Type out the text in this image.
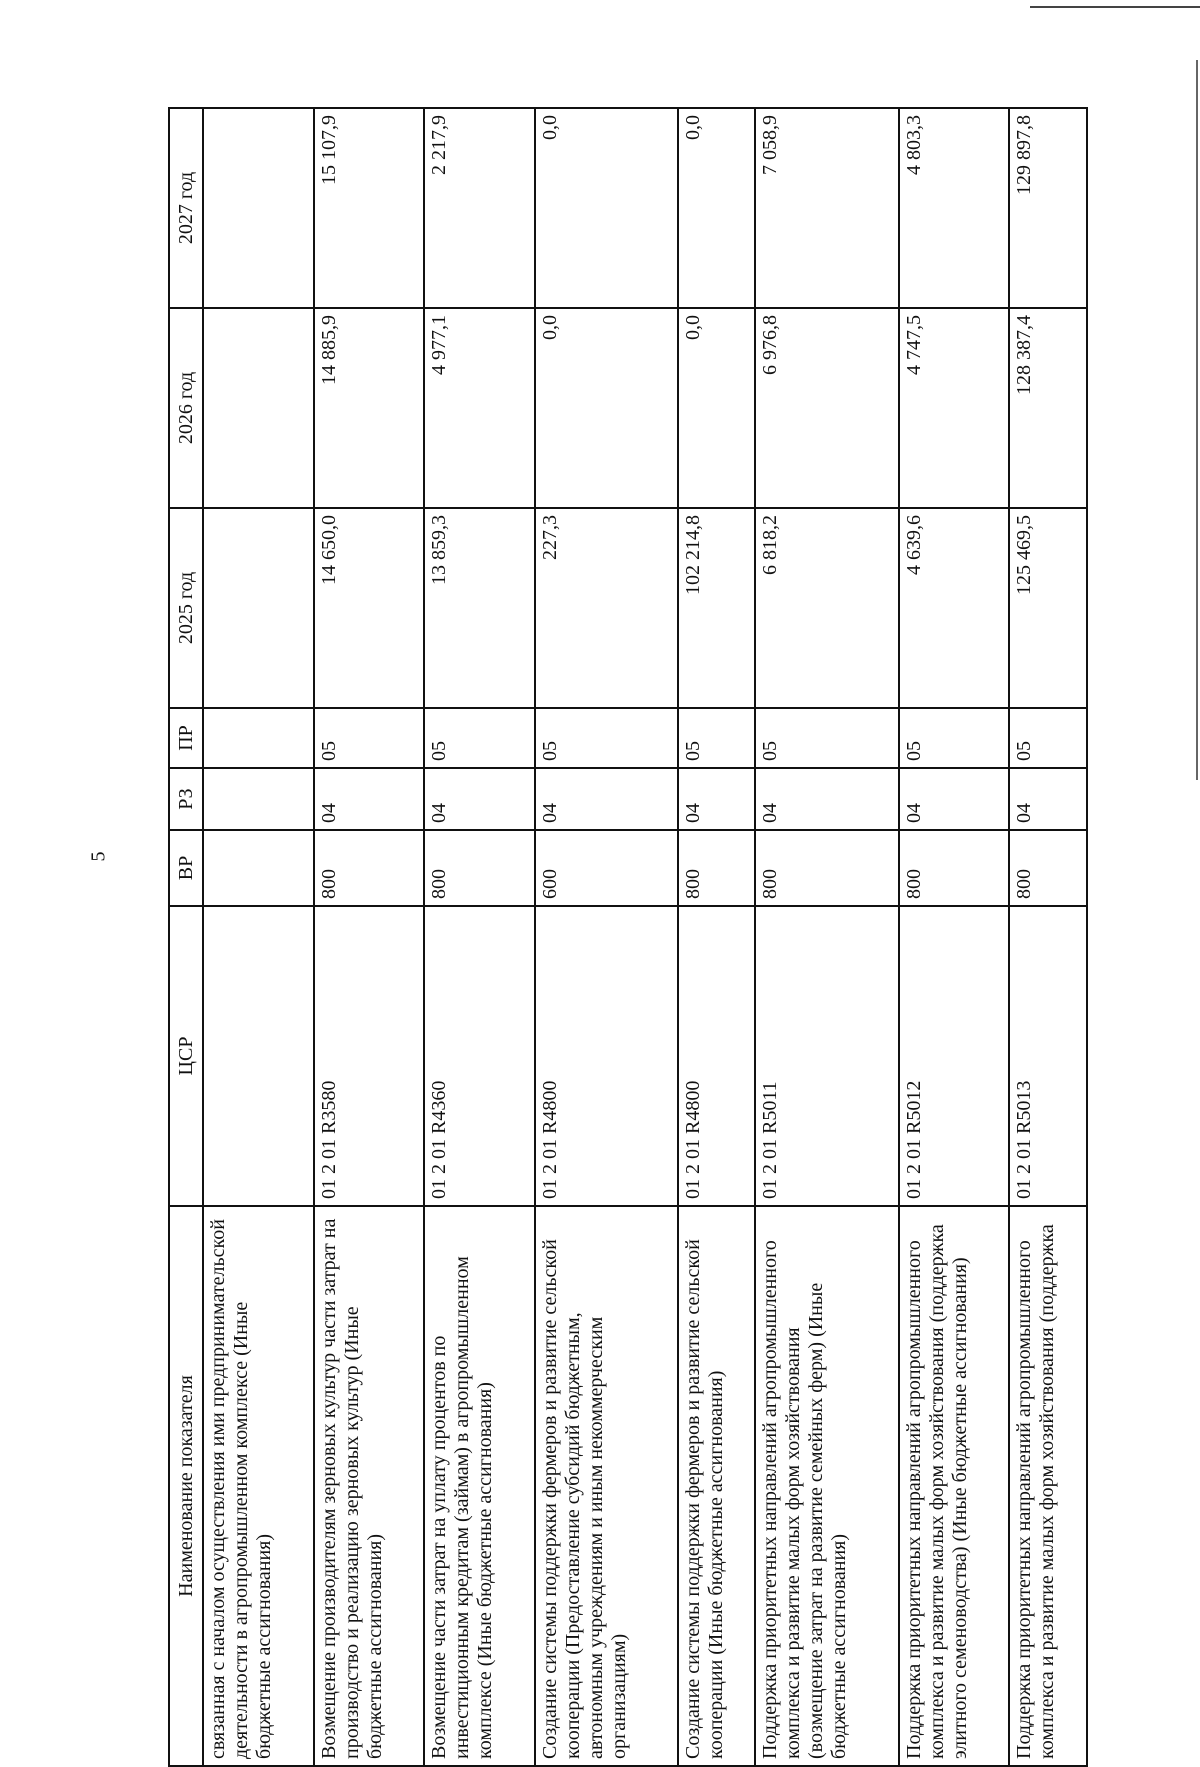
5
Наименование показателя	ЦСР	ВР	РЗ	ПР	2025 год	2026 год	2027 год
связанная с началом осуществления ими предпринимательской деятельности в агропромышленном комплексе (Иные бюджетные ассигнования)							
Возмещение производителям зерновых культур части затрат на производство и реализацию зерновых культур (Иные бюджетные ассигнования)	01 2 01 R3580	800	04	05	14 650,0	14 885,9	15 107,9
Возмещение части затрат на уплату процентов по инвестиционным кредитам (займам) в агропромышленном комплексе (Иные бюджетные ассигнования)	01 2 01 R4360	800	04	05	13 859,3	4 977,1	2 217,9
Создание системы поддержки фермеров и развитие сельской кооперации (Предоставление субсидий бюджетным, автономным учреждениям и иным некоммерческим организациям)	01 2 01 R4800	600	04	05	227,3	0,0	0,0
Создание системы поддержки фермеров и развитие сельской кооперации (Иные бюджетные ассигнования)	01 2 01 R4800	800	04	05	102 214,8	0,0	0,0
Поддержка приоритетных направлений агропромышленного комплекса и развитие малых форм хозяйствования (возмещение затрат на развитие семейных ферм) (Иные бюджетные ассигнования)	01 2 01 R5011	800	04	05	6 818,2	6 976,8	7 058,9
Поддержка приоритетных направлений агропромышленного комплекса и развитие малых форм хозяйствования (поддержка элитного семеноводства) (Иные бюджетные ассигнования)	01 2 01 R5012	800	04	05	4 639,6	4 747,5	4 803,3
Поддержка приоритетных направлений агропромышленного комплекса и развитие малых форм хозяйствования (поддержка	01 2 01 R5013	800	04	05	125 469,5	128 387,4	129 897,8
